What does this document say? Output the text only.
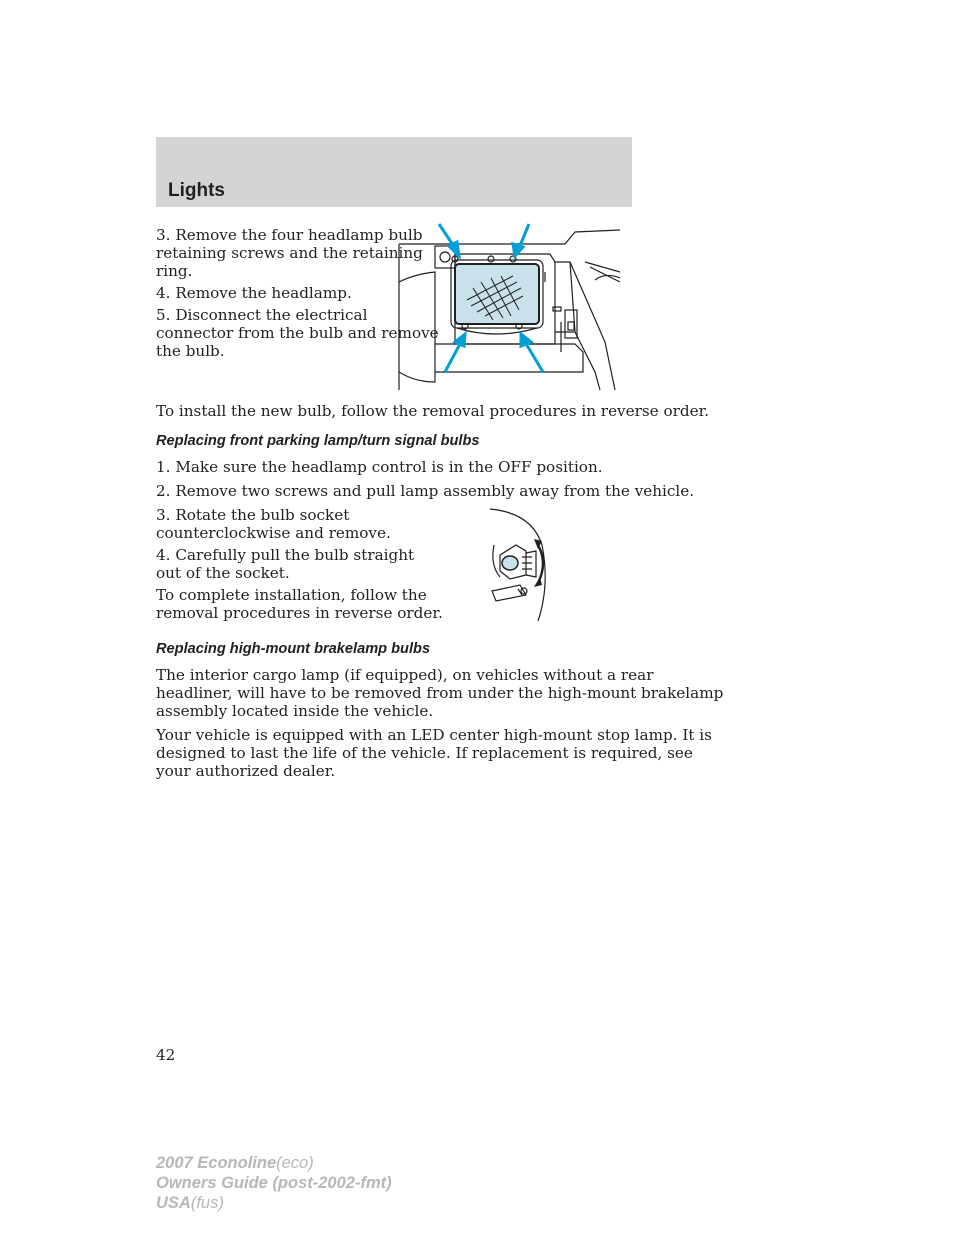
Lights

3. Remove the four headlamp bulb

retaining screws and the retaining

ring.

4. Remove the headlamp.

5. Disconnect the electrical

connector from the bulb and remove

the bulb.

To install the new bulb, follow the removal procedures in reverse order.

Replacing front parking lamp/turn signal bulbs

1. Make sure the headlamp control is in the OFF position.

2. Remove two screws and pull lamp assembly away from the vehicle.

3. Rotate the bulb socket

counterclockwise and remove.

4. Carefully pull the bulb straight

out of the socket.

To complete installation, follow the

removal procedures in reverse order.

Replacing high-mount brakelamp bulbs

The interior cargo lamp (if equipped), on vehicles without a rear

headliner, will have to be removed from under the high-mount brakelamp

assembly located inside the vehicle.

Your vehicle is equipped with an LED center high-mount stop lamp. It is

designed to last the life of the vehicle. If replacement is required, see

your authorized dealer.

42
2007 Econoline(eco)
Owners Guide (post-2002-fmt)
USA(fus)
